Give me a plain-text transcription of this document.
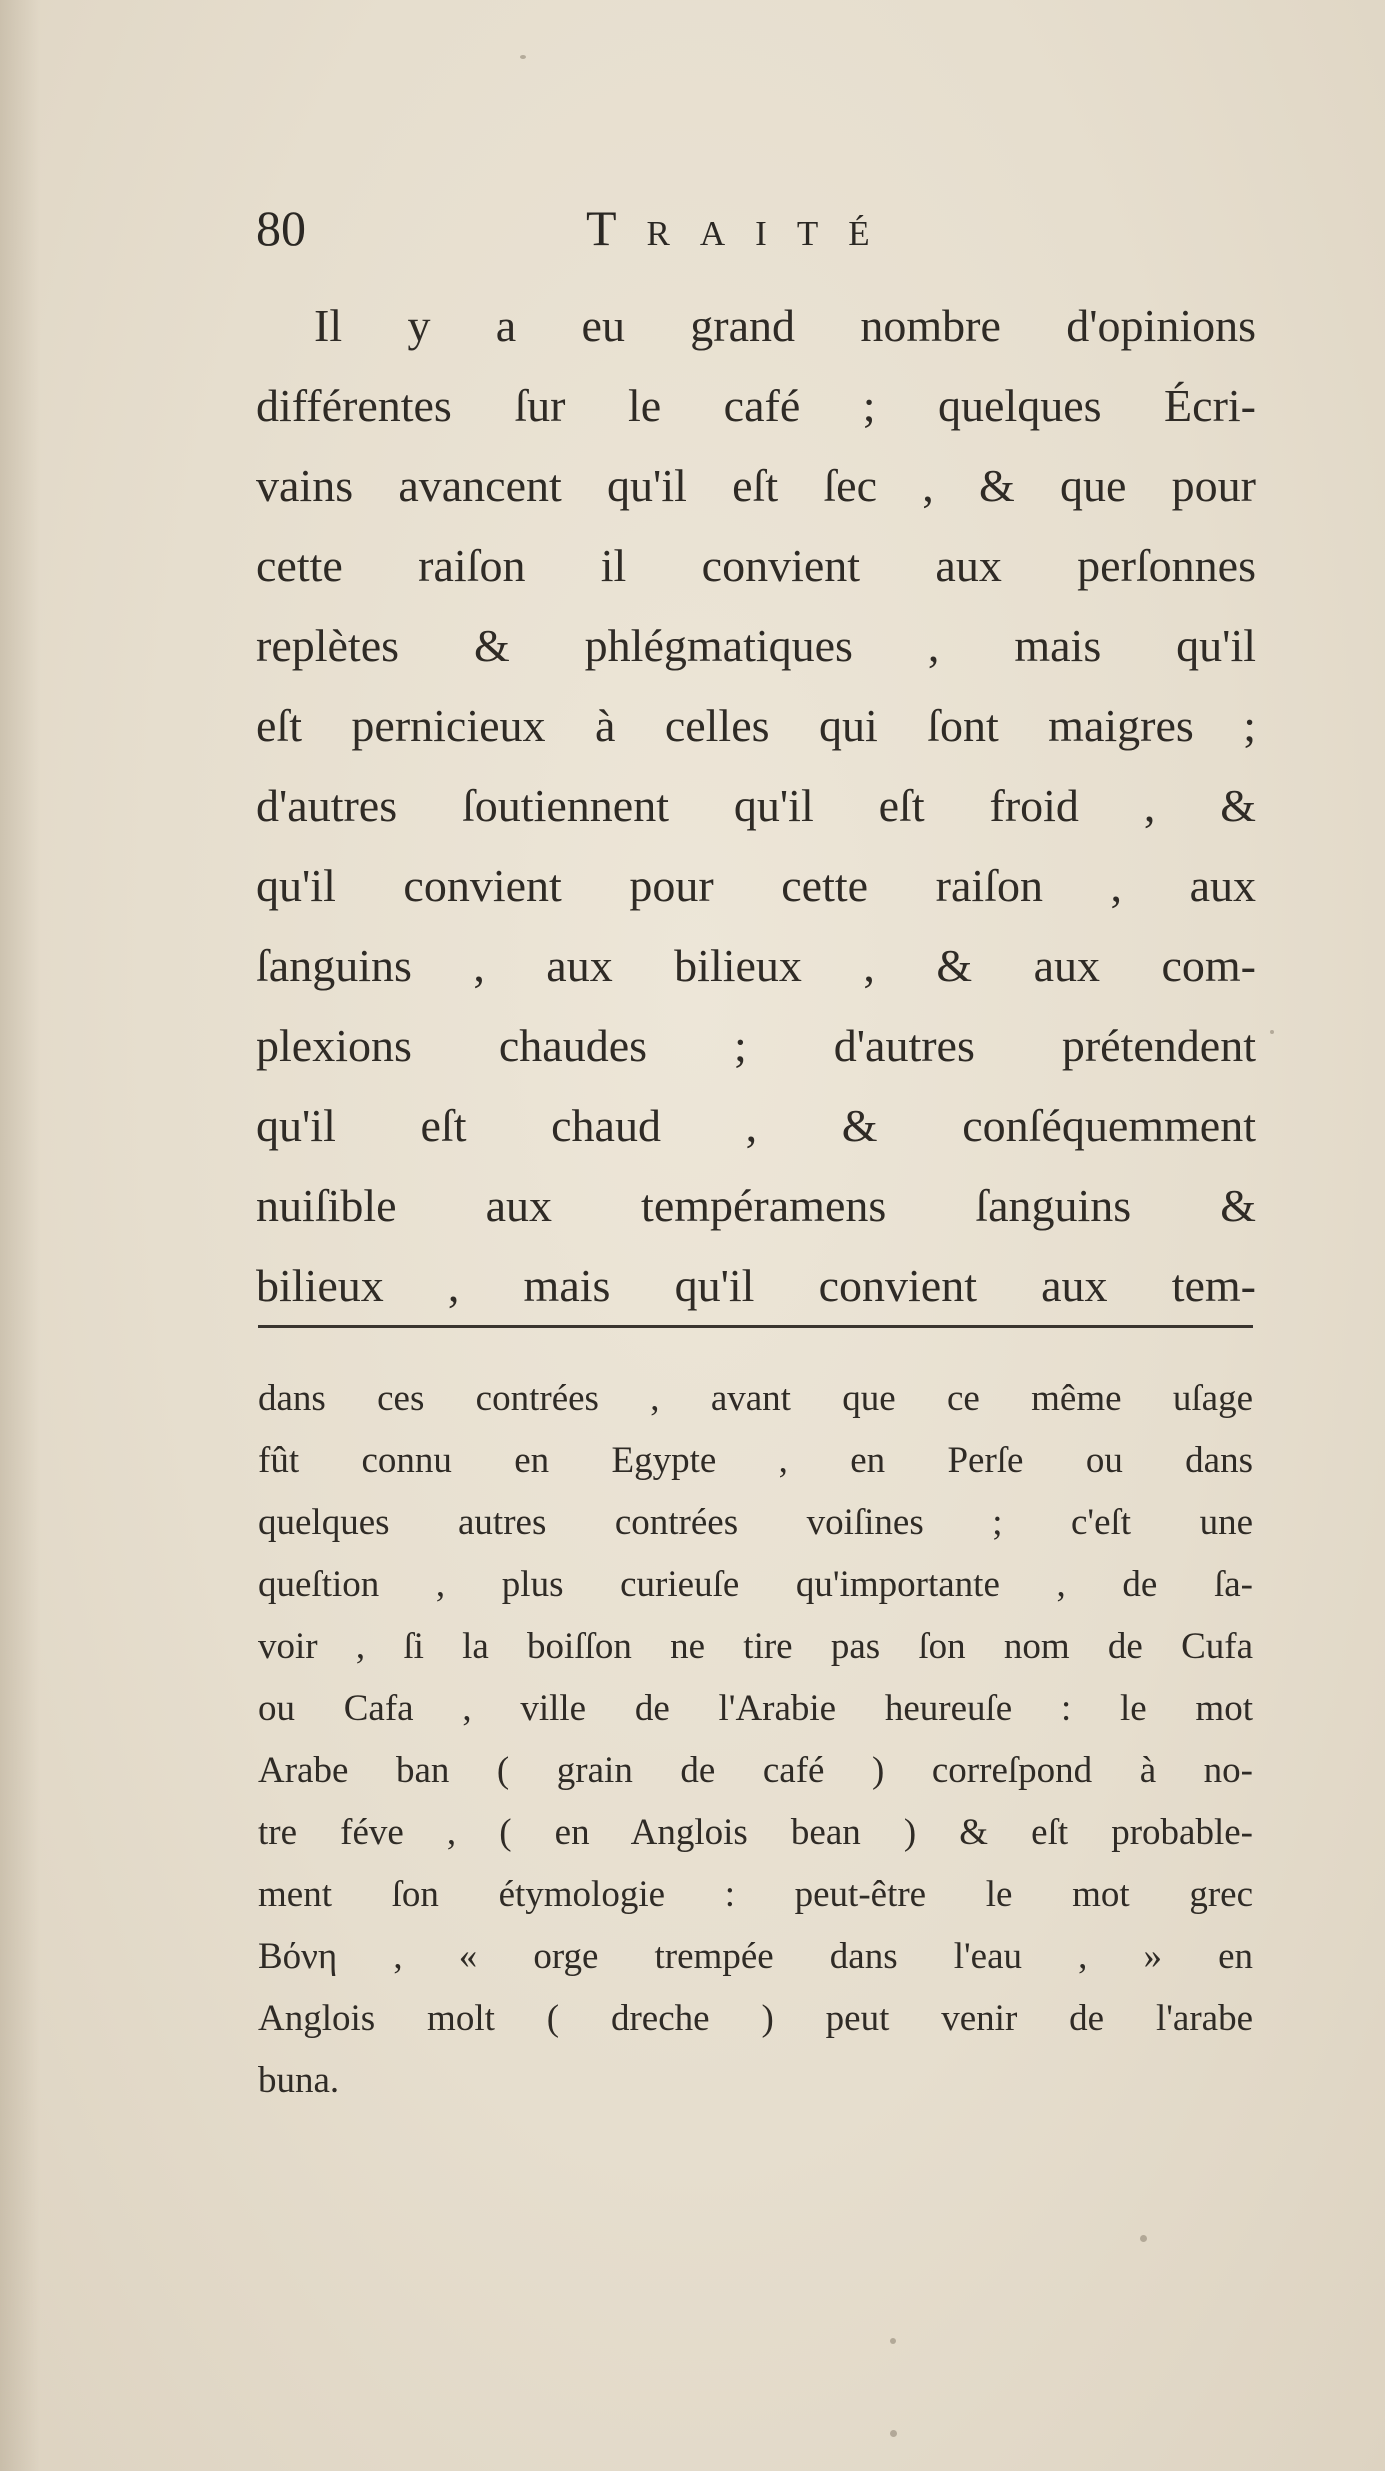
80	Traité
Il y a eu grand nombre d'opinions
différentes ſur le café ; quelques Écri-
vains avancent qu'il eſt ſec , & que pour
cette raiſon il convient aux perſonnes
replètes & phlégmatiques , mais qu'il
eſt pernicieux à celles qui ſont maigres ;
d'autres ſoutiennent qu'il eſt froid , &
qu'il convient pour cette raiſon , aux
ſanguins , aux bilieux , & aux com-
plexions chaudes ; d'autres prétendent
qu'il eſt chaud , & conſéquemment
nuiſible aux tempéramens ſanguins &
bilieux , mais qu'il convient aux tem-
dans ces contrées , avant que ce même uſage
fût connu en Egypte , en Perſe ou dans
quelques autres contrées voiſines ; c'eſt une
queſtion , plus curieuſe qu'importante , de ſa-
voir , ſi la boiſſon ne tire pas ſon nom de Cufa
ou Cafa , ville de l'Arabie heureuſe : le mot
Arabe ban ( grain de café ) correſpond à no-
tre féve , ( en Anglois bean ) & eſt probable-
ment ſon étymologie : peut-être le mot grec
Βόνη , « orge trempée dans l'eau , » en
Anglois molt ( dreche ) peut venir de l'arabe
buna.
